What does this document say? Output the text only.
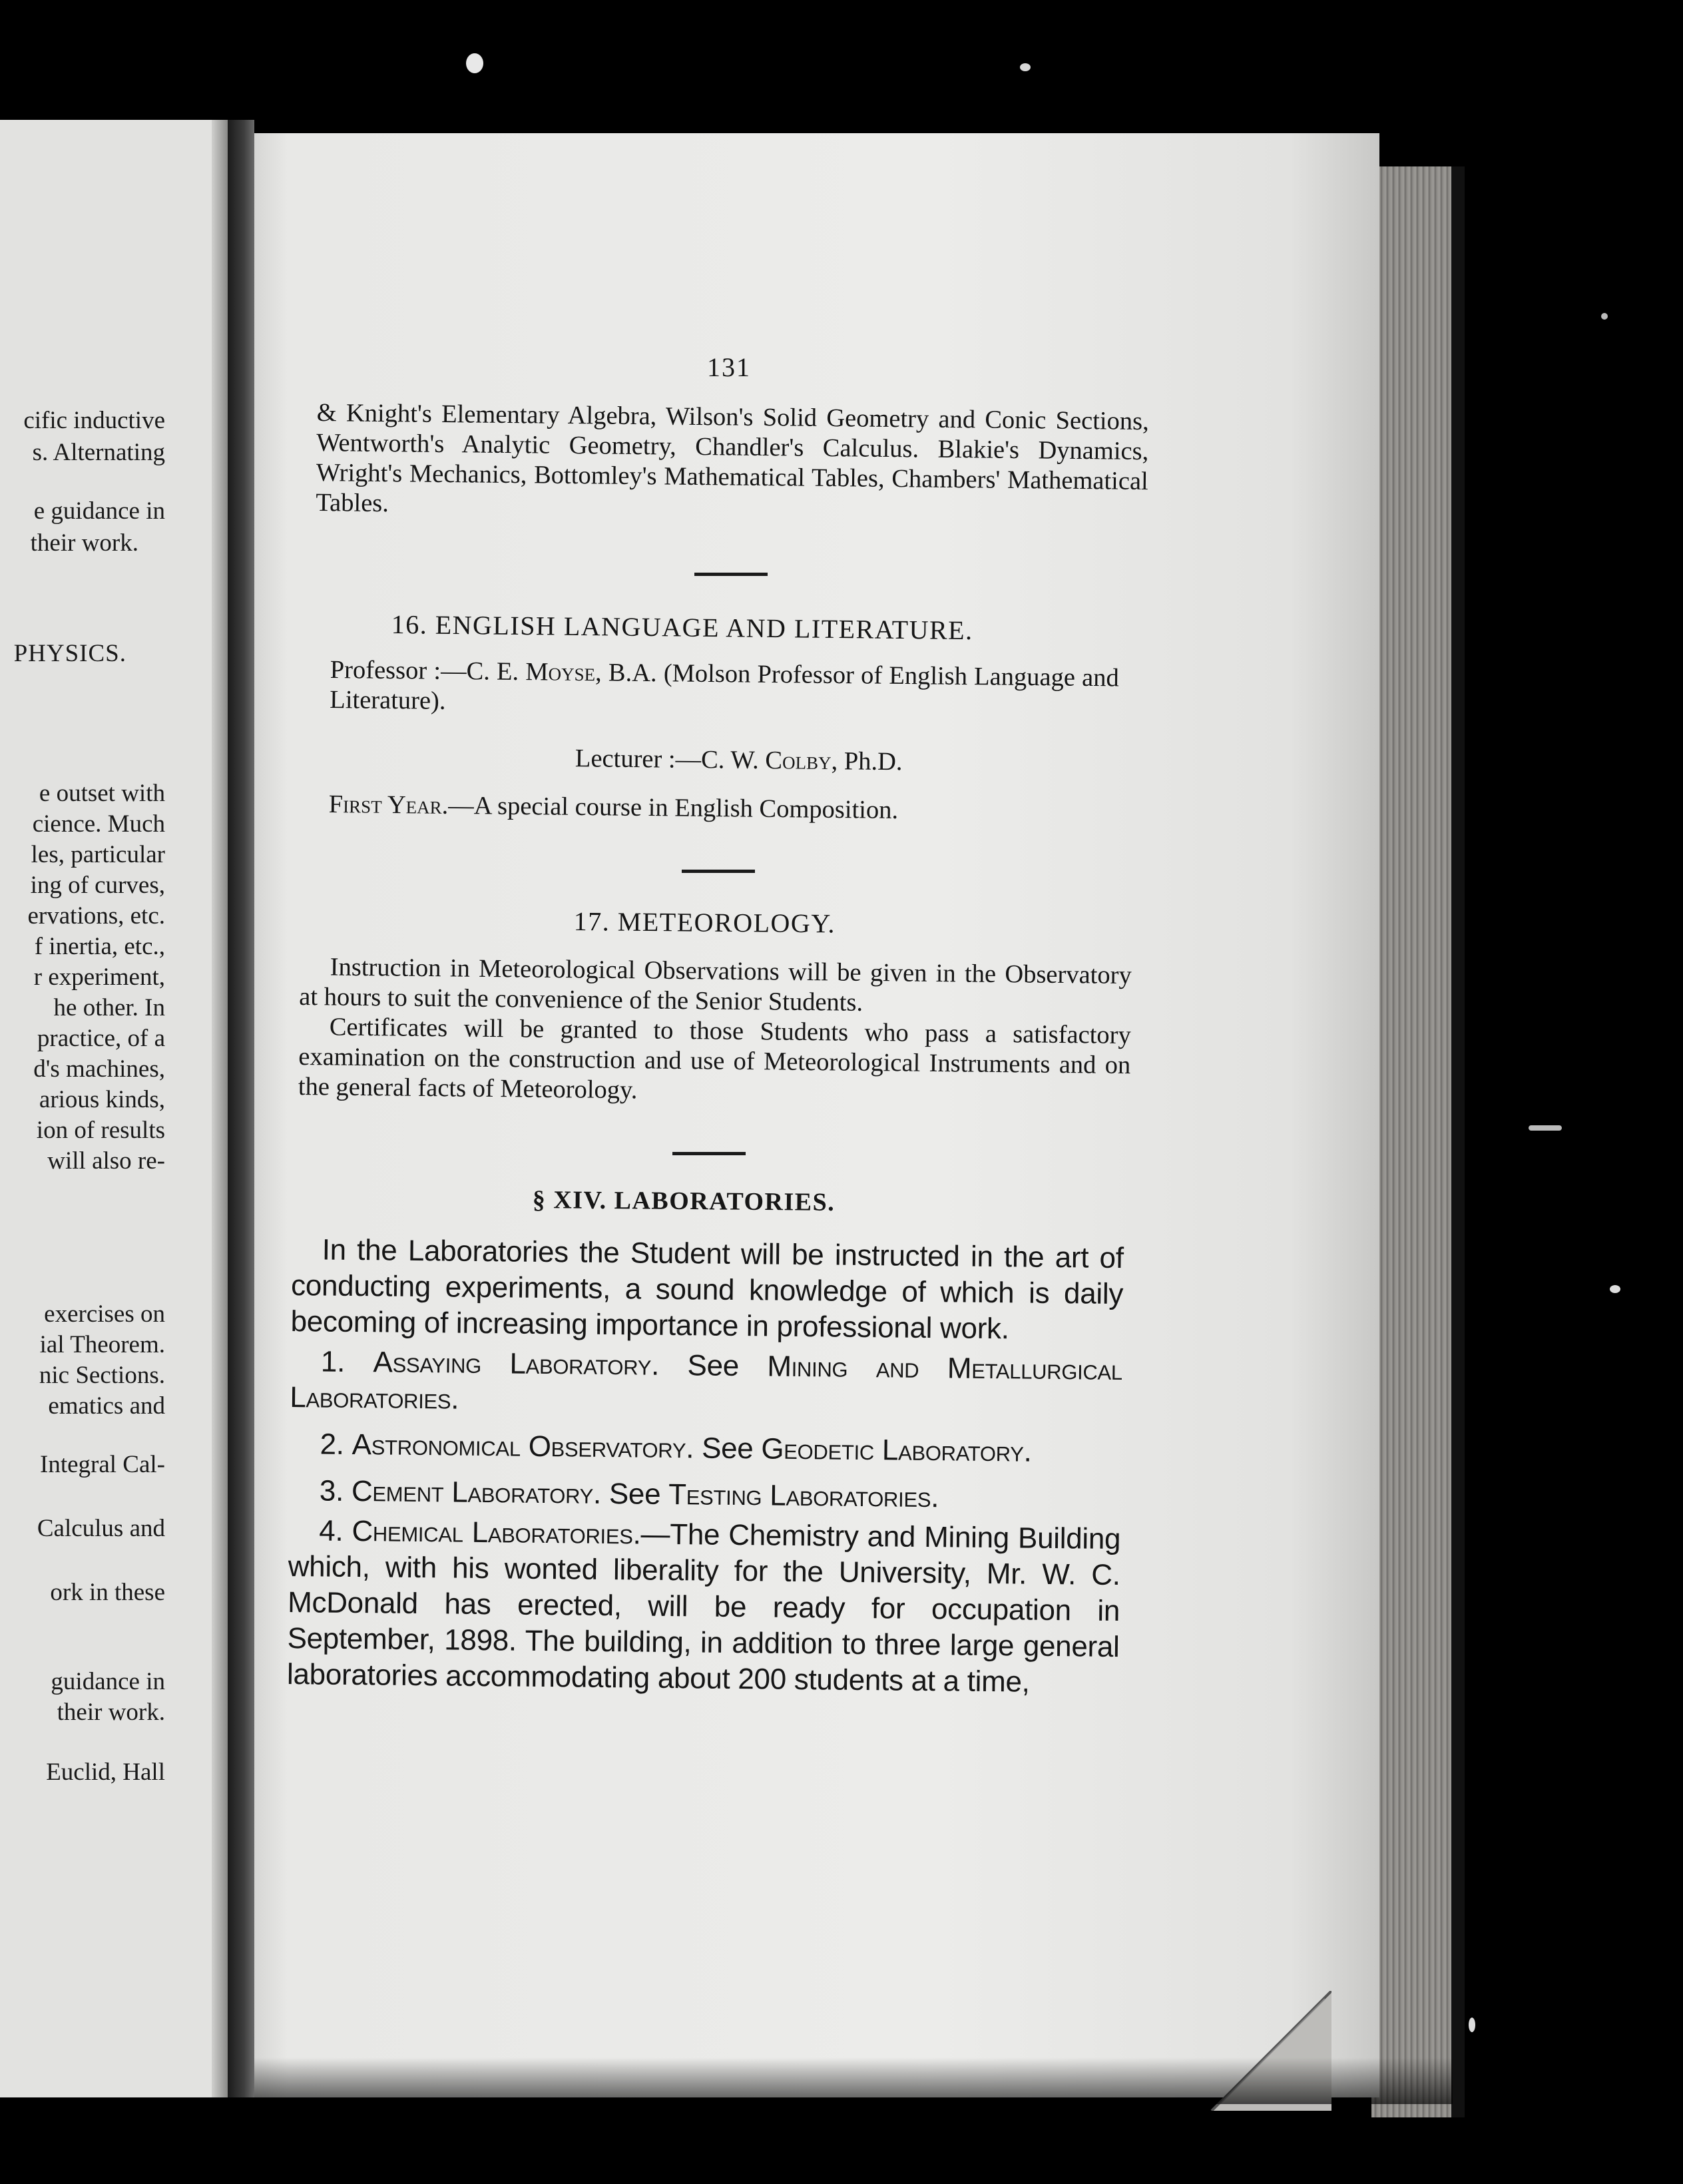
cific inductive
s. Alternating
e guidance in
their work.
PHYSICS.
e outset with
cience. Much
les, particular
ing of curves,
ervations, etc.
f inertia, etc.,
r experiment,
he other. In
practice, of a
d's machines,
arious kinds,
ion of results
will also re-
exercises on
ial Theorem.
nic Sections.
ematics and
Integral Cal-
Calculus and
ork in these
guidance in
their work.
Euclid, Hall
131

& Knight's Elementary Algebra, Wilson's Solid Geometry and Conic Sections, Wentworth's Analytic Geometry, Chandler's Calculus. Blakie's Dynamics, Wright's Mechanics, Bottomley's Mathematical Tables, Chambers' Mathematical Tables.

16. ENGLISH LANGUAGE AND LITERATURE.

Professor :—C. E. Moyse, B.A. (Molson Professor of English Language and Literature).

Lecturer :—C. W. Colby, Ph.D.

First Year.—A special course in English Composition.

17. METEOROLOGY.

Instruction in Meteorological Observations will be given in the Observatory at hours to suit the convenience of the Senior Students.

Certificates will be granted to those Students who pass a satisfactory examination on the construction and use of Meteorological Instruments and on the general facts of Meteorology.

§ XIV. LABORATORIES.

In the Laboratories the Student will be instructed in the art of conducting experiments, a sound knowledge of which is daily becoming of increasing importance in professional work.

1. Assaying Laboratory. See Mining and Metallurgical Laboratories.

2. Astronomical Observatory. See Geodetic Laboratory.

3. Cement Laboratory. See Testing Laboratories.

4. Chemical Laboratories.—The Chemistry and Mining Building which, with his wonted liberality for the University, Mr. W. C. McDonald has erected, will be ready for occupation in September, 1898. The building, in addition to three large general laboratories accommodating about 200 students at a time,
